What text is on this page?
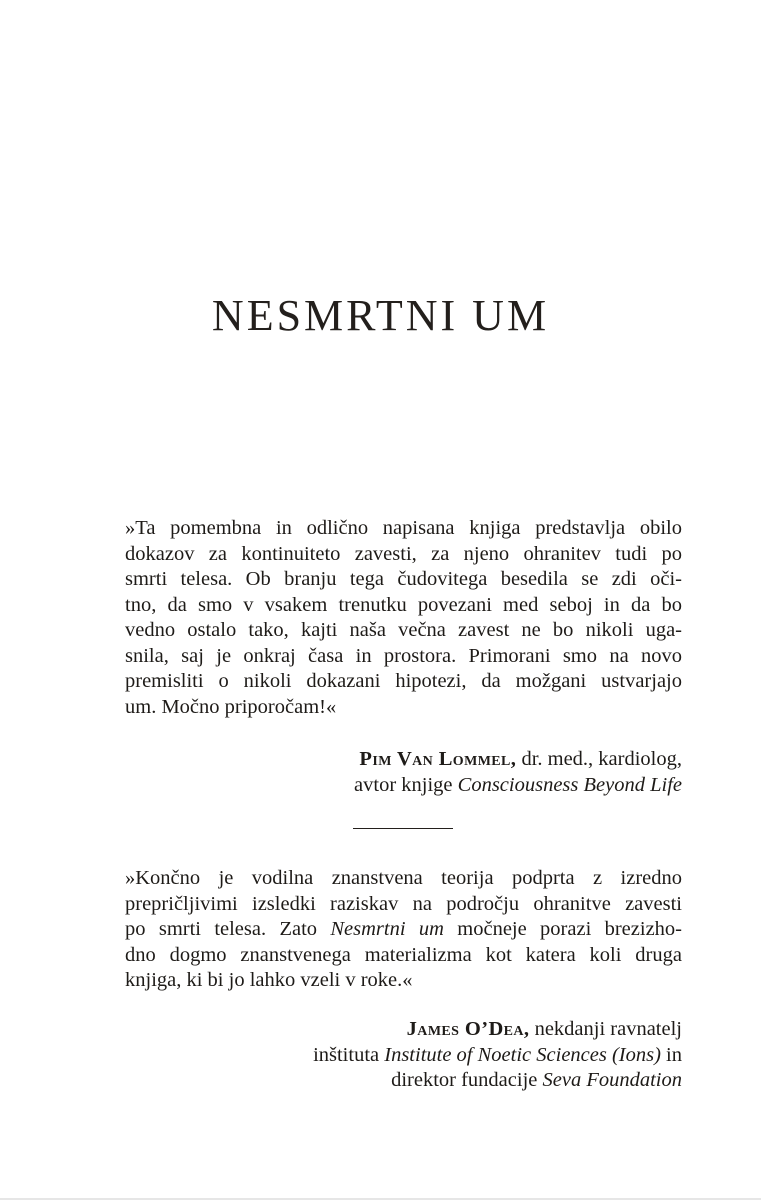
NESMRTNI UM
»Ta pomembna in odlično napisana knjiga predstavlja obilo
dokazov za kontinuiteto zavesti, za njeno ohranitev tudi po
smrti telesa. Ob branju tega čudovitega besedila se zdi oči-
tno, da smo v vsakem trenutku povezani med seboj in da bo
vedno ostalo tako, kajti naša večna zavest ne bo nikoli uga-
snila, saj je onkraj časa in prostora. Primorani smo na novo
premisliti o nikoli dokazani hipotezi, da možgani ustvarjajo
um. Močno priporočam!«
Pim Van Lommel, dr. med., kardiolog,
avtor knjige Consciousness Beyond Life
»Končno je vodilna znanstvena teorija podprta z izredno
prepričljivimi izsledki raziskav na področju ohranitve zavesti
po smrti telesa. Zato Nesmrtni um močneje porazi brezizho-
dno dogmo znanstvenega materializma kot katera koli druga
knjiga, ki bi jo lahko vzeli v roke.«
James O’Dea, nekdanji ravnatelj
inštituta Institute of Noetic Sciences (Ions) in
direktor fundacije Seva Foundation
